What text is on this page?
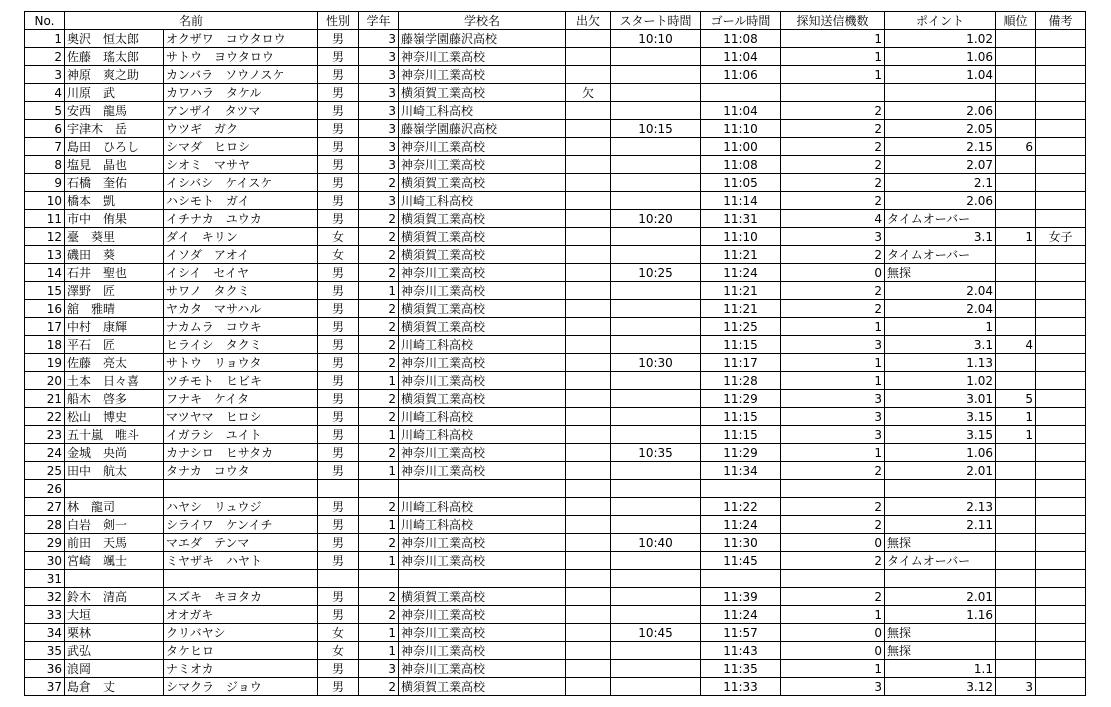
No.	名前		性別	学年	学校名	出欠	スタート時間	ゴール時間	探知送信機数	ポイント	順位	備考
1	奥沢　恒太郎	オクザワ　コウタロウ	男	3	藤嶺学園藤沢高校		10:10	11:08	1	1.02		
2	佐藤　瑤太郎	サトウ　ヨウタロウ	男	3	神奈川工業高校			11:04	1	1.06		
3	神原　爽之助	カンバラ　ソウノスケ	男	3	神奈川工業高校			11:06	1	1.04		
4	川原　武	カワハラ　タケル	男	3	横須賀工業高校	欠						
5	安西　龍馬	アンザイ　タツマ	男	3	川崎工科高校			11:04	2	2.06		
6	宇津木　岳	ウツギ　ガク	男	3	藤嶺学園藤沢高校		10:15	11:10	2	2.05		
7	島田　ひろし	シマダ　ヒロシ	男	3	神奈川工業高校			11:00	2	2.15	6	
8	塩見　晶也	シオミ　マサヤ	男	3	神奈川工業高校			11:08	2	2.07		
9	石橋　奎佑	イシバシ　ケイスケ	男	2	横須賀工業高校			11:05	2	2.1		
10	橋本　凱	ハシモト　ガイ	男	3	川崎工科高校			11:14	2	2.06		
11	市中　侑果	イチナカ　ユウカ	男	2	横須賀工業高校		10:20	11:31	4	タイムオーバー		
12	臺　葵里	ダイ　キリン	女	2	横須賀工業高校			11:10	3	3.1	1	女子
13	磯田　葵	イソダ　アオイ	女	2	横須賀工業高校			11:21	2	タイムオーバー		
14	石井　聖也	イシイ　セイヤ	男	2	神奈川工業高校		10:25	11:24	0	無探		
15	澤野　匠	サワノ　タクミ	男	1	神奈川工業高校			11:21	2	2.04		
16	舘　雅晴	ヤカタ　マサハル	男	2	横須賀工業高校			11:21	2	2.04		
17	中村　康輝	ナカムラ　コウキ	男	2	横須賀工業高校			11:25	1	1		
18	平石　匠	ヒライシ　タクミ	男	2	川崎工科高校			11:15	3	3.1	4	
19	佐藤　亮太	サトウ　リョウタ	男	2	神奈川工業高校		10:30	11:17	1	1.13		
20	土本　日々喜	ツチモト　ヒビキ	男	1	神奈川工業高校			11:28	1	1.02		
21	船木　啓多	フナキ　ケイタ	男	2	横須賀工業高校			11:29	3	3.01	5	
22	松山　博史	マツヤマ　ヒロシ	男	2	川崎工科高校			11:15	3	3.15	1	
23	五十嵐　唯斗	イガラシ　ユイト	男	1	川崎工科高校			11:15	3	3.15	1	
24	金城　央尚	カナシロ　ヒサタカ	男	2	神奈川工業高校		10:35	11:29	1	1.06		
25	田中　航太	タナカ　コウタ	男	1	神奈川工業高校			11:34	2	2.01		
26												
27	林　龍司	ハヤシ　リュウジ	男	2	川崎工科高校			11:22	2	2.13		
28	白岩　剣一	シライワ　ケンイチ	男	1	川崎工科高校			11:24	2	2.11		
29	前田　天馬	マエダ　テンマ	男	2	神奈川工業高校		10:40	11:30	0	無探		
30	宮崎　颯士	ミヤザキ　ハヤト	男	1	神奈川工業高校			11:45	2	タイムオーバー		
31												
32	鈴木　清高	スズキ　キヨタカ	男	2	横須賀工業高校			11:39	2	2.01		
33	大垣	オオガキ	男	2	神奈川工業高校			11:24	1	1.16		
34	栗林	クリバヤシ	女	1	神奈川工業高校		10:45	11:57	0	無探		
35	武弘	タケヒロ	女	1	神奈川工業高校			11:43	0	無探		
36	浪岡	ナミオカ	男	3	神奈川工業高校			11:35	1	1.1		
37	島倉　丈	シマクラ　ジョウ	男	2	横須賀工業高校			11:33	3	3.12	3	
